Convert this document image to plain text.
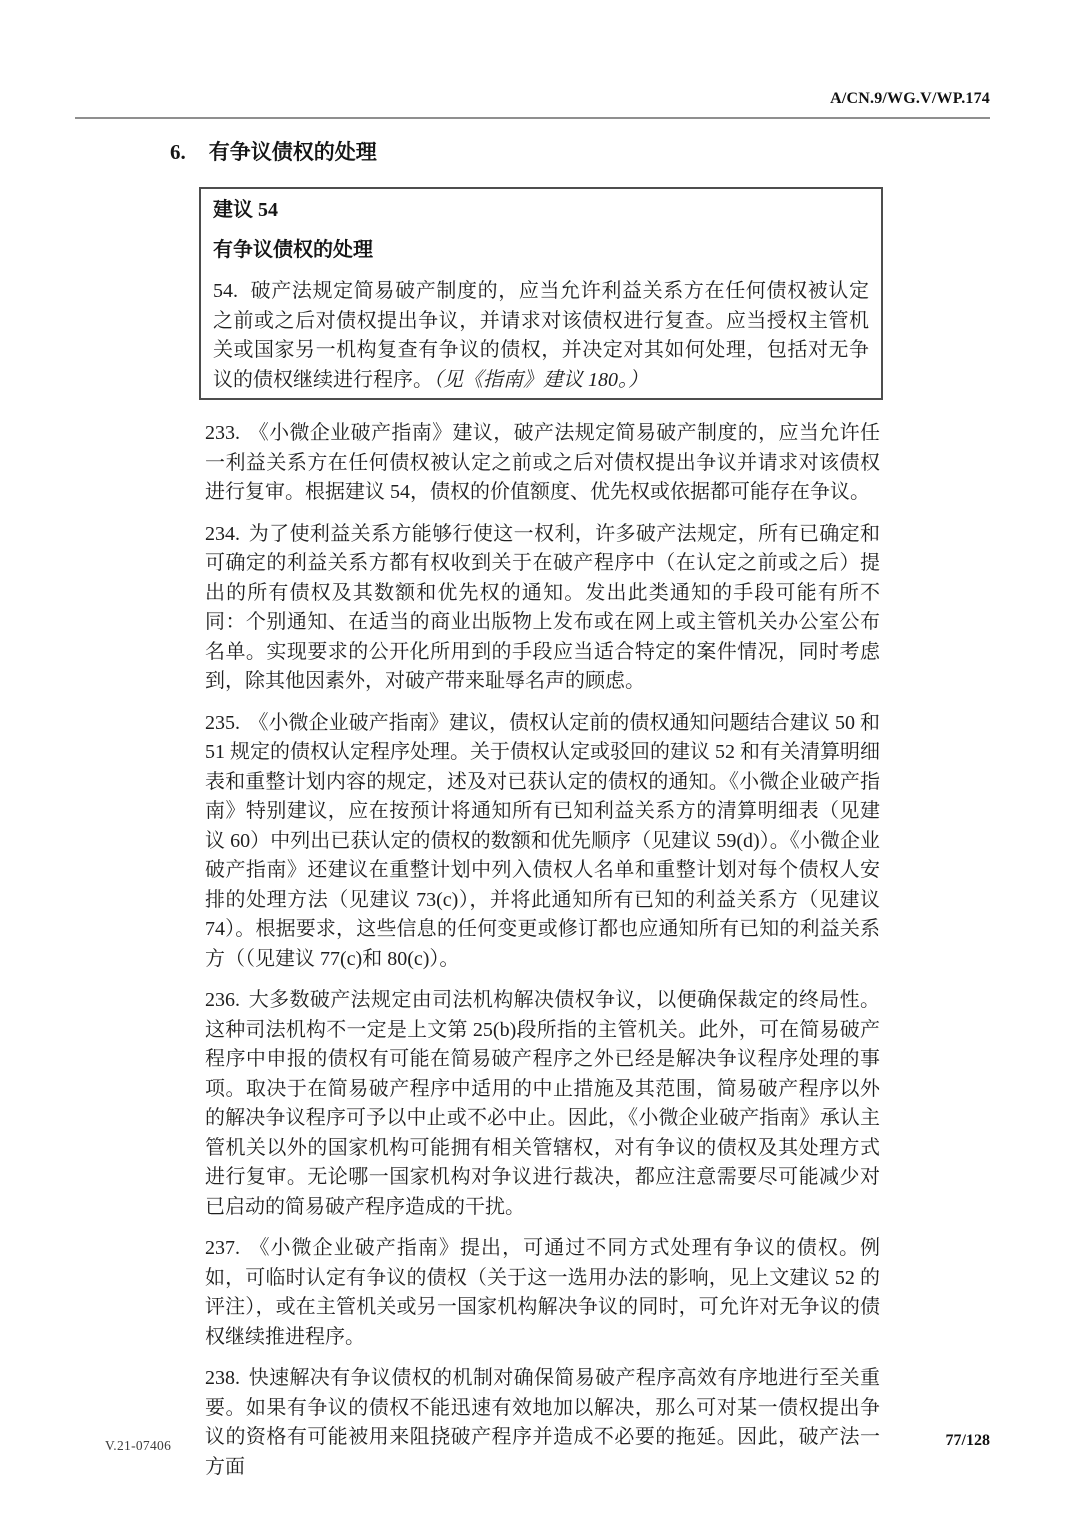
A/CN.9/WG.V/WP.174
6. 有争议债权的处理
建议 54
有争议债权的处理
54. 破产法规定简易破产制度的，应当允许利益关系方在任何债权被认定之前或之后对债权提出争议，并请求对该债权进行复查。应当授权主管机关或国家另一机构复查有争议的债权，并决定对其如何处理，包括对无争议的债权继续进行程序。（见《指南》建议 180。）

233. 《小微企业破产指南》建议，破产法规定简易破产制度的，应当允许任一利益关系方在任何债权被认定之前或之后对债权提出争议并请求对该债权进行复审。根据建议 54，债权的价值额度、优先权或依据都可能存在争议。

234. 为了使利益关系方能够行使这一权利，许多破产法规定，所有已确定和可确定的利益关系方都有权收到关于在破产程序中（在认定之前或之后）提出的所有债权及其数额和优先权的通知。发出此类通知的手段可能有所不同：个别通知、在适当的商业出版物上发布或在网上或主管机关办公室公布名单。实现要求的公开化所用到的手段应当适合特定的案件情况，同时考虑到，除其他因素外，对破产带来耻辱名声的顾虑。

235. 《小微企业破产指南》建议，债权认定前的债权通知问题结合建议 50 和 51 规定的债权认定程序处理。关于债权认定或驳回的建议 52 和有关清算明细表和重整计划内容的规定，述及对已获认定的债权的通知。《小微企业破产指南》特别建议，应在按预计将通知所有已知利益关系方的清算明细表（见建议 60）中列出已获认定的债权的数额和优先顺序（见建议 59(d)）。《小微企业破产指南》还建议在重整计划中列入债权人名单和重整计划对每个债权人安排的处理方法（见建议 73(c)），并将此通知所有已知的利益关系方（见建议 74）。根据要求，这些信息的任何变更或修订都也应通知所有已知的利益关系方（（见建议 77(c)和 80(c)）。

236. 大多数破产法规定由司法机构解决债权争议，以便确保裁定的终局性。这种司法机构不一定是上文第 25(b)段所指的主管机关。此外，可在简易破产程序中申报的债权有可能在简易破产程序之外已经是解决争议程序处理的事项。取决于在简易破产程序中适用的中止措施及其范围，简易破产程序以外的解决争议程序可予以中止或不必中止。因此，《小微企业破产指南》承认主管机关以外的国家机构可能拥有相关管辖权，对有争议的债权及其处理方式进行复审。无论哪一国家机构对争议进行裁决，都应注意需要尽可能减少对已启动的简易破产程序造成的干扰。

237. 《小微企业破产指南》提出，可通过不同方式处理有争议的债权。例如，可临时认定有争议的债权（关于这一选用办法的影响，见上文建议 52 的评注），或在主管机关或另一国家机构解决争议的同时，可允许对无争议的债权继续推进程序。

238. 快速解决有争议债权的机制对确保简易破产程序高效有序地进行至关重要。如果有争议的债权不能迅速有效地加以解决，那么可对某一债权提出争议的资格有可能被用来阻挠破产程序并造成不必要的拖延。因此，破产法一方面

V.21-07406	77/128
